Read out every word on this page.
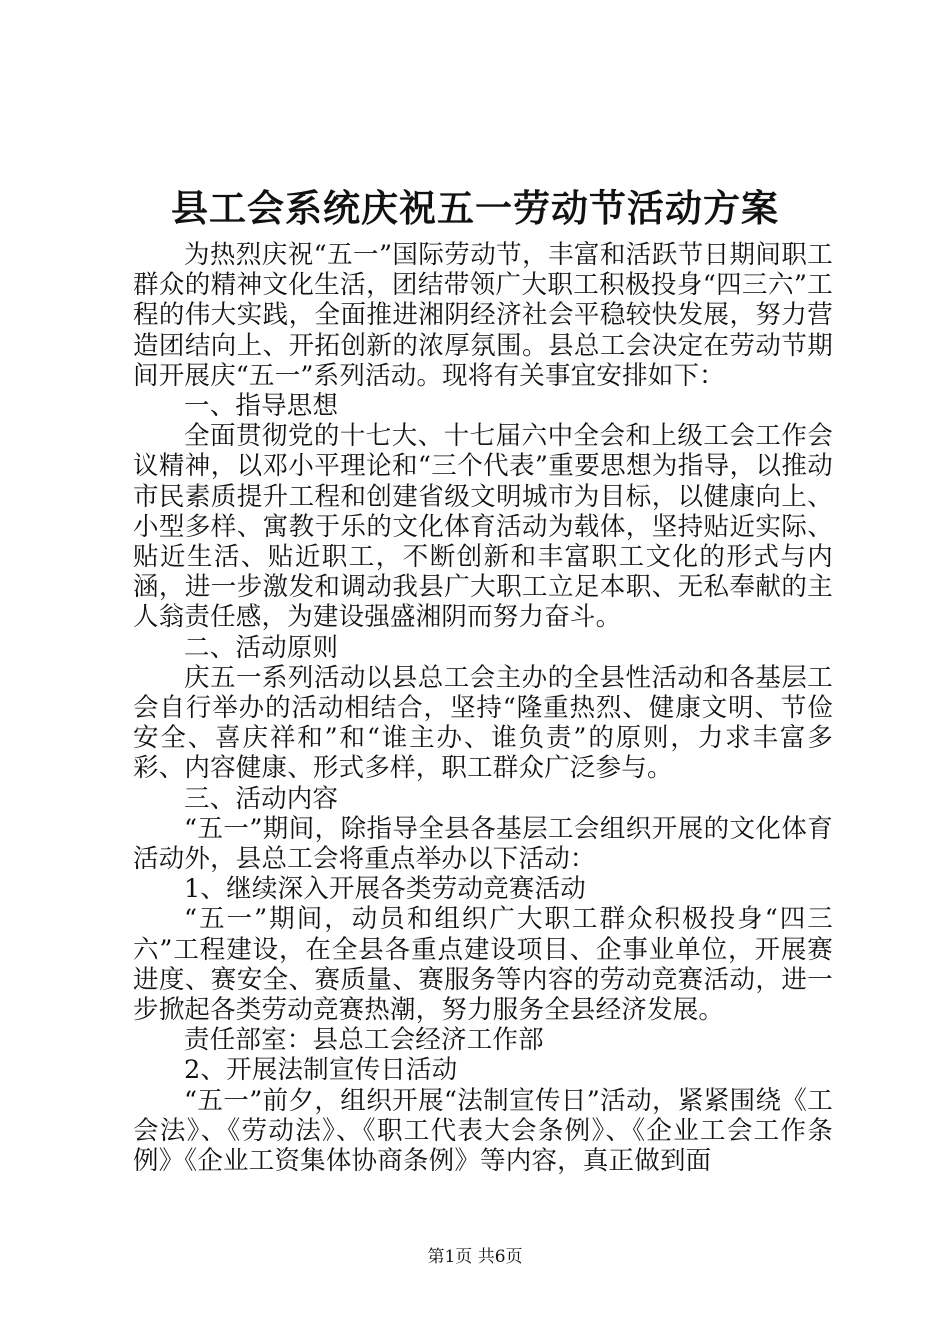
县工会系统庆祝五一劳动节活动方案

为热烈庆祝“五一”国际劳动节，丰富和活跃节日期间职工群众的精神文化生活，团结带领广大职工积极投身“四三六”工程的伟大实践，全面推进湘阴经济社会平稳较快发展，努力营造团结向上、开拓创新的浓厚氛围。县总工会决定在劳动节期间开展庆“五一”系列活动。现将有关事宜安排如下：

一、指导思想

全面贯彻党的十七大、十七届六中全会和上级工会工作会议精神，以邓小平理论和“三个代表”重要思想为指导，以推动市民素质提升工程和创建省级文明城市为目标，以健康向上、小型多样、寓教于乐的文化体育活动为载体，坚持贴近实际、贴近生活、贴近职工，不断创新和丰富职工文化的形式与内涵，进一步激发和调动我县广大职工立足本职、无私奉献的主人翁责任感，为建设强盛湘阴而努力奋斗。

二、活动原则

庆五一系列活动以县总工会主办的全县性活动和各基层工会自行举办的活动相结合，坚持“隆重热烈、健康文明、节俭安全、喜庆祥和”和“谁主办、谁负责”的原则，力求丰富多彩、内容健康、形式多样，职工群众广泛参与。

三、活动内容

“五一”期间，除指导全县各基层工会组织开展的文化体育活动外，县总工会将重点举办以下活动：

1、继续深入开展各类劳动竞赛活动

“五一”期间，动员和组织广大职工群众积极投身“四三六”工程建设，在全县各重点建设项目、企事业单位，开展赛进度、赛安全、赛质量、赛服务等内容的劳动竞赛活动，进一步掀起各类劳动竞赛热潮，努力服务全县经济发展。

责任部室：县总工会经济工作部

2、开展法制宣传日活动

“五一”前夕，组织开展“法制宣传日”活动，紧紧围绕《工会法》、《劳动法》、《职工代表大会条例》、《企业工会工作条例》《企业工资集体协商条例》等内容，真正做到面

第1页 共6页
